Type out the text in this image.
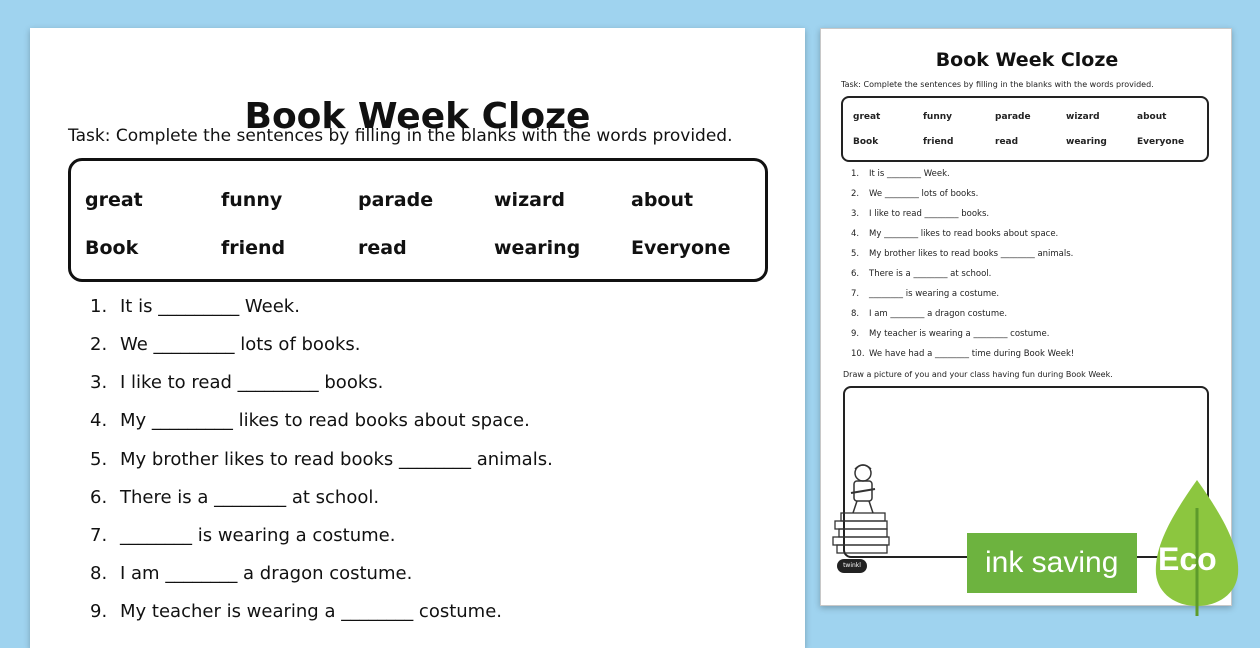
Book Week Cloze
Task: Complete the sentences by filling in the blanks with the words provided.
great	funny	parade	wizard	about
Book	friend	read	wearing	Everyone
1. It is _________ Week.
2. We _________ lots of books.
3. I like to read _________ books.
4. My _________ likes to read books about space.
5. My brother likes to read books ________ animals.
6. There is a ________ at school.
7. ________ is wearing a costume.
8. I am ________ a dragon costume.
9. My teacher is wearing a ________ costume.
Book Week Cloze
Task: Complete the sentences by filling in the blanks with the words provided.
great	funny	parade	wizard	about
Book	friend	read	wearing	Everyone
1. It is ________ Week.
2. We ________ lots of books.
3. I like to read ________ books.
4. My ________ likes to read books about space.
5. My brother likes to read books ________ animals.
6. There is a ________ at school.
7. ________ is wearing a costume.
8. I am ________ a dragon costume.
9. My teacher is wearing a ________ costume.
10. We have had a ________ time during Book Week!
Draw a picture of you and your class having fun during Book Week.
twinkl	ink saving	Eco
